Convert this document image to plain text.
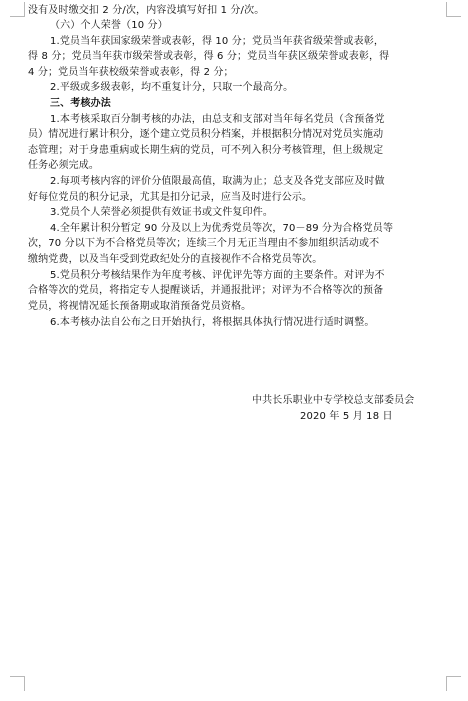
没有及时缴交扣 2 分/次，内容没填写好扣 1 分/次。
（六）个人荣誉（10 分）
1.党员当年获国家级荣誉或表彰，得 10 分；党员当年获省级荣誉或表彰，
得 8 分；党员当年获市级荣誉或表彰，得 6 分；党员当年获区级荣誉或表彰，得
4 分；党员当年获校级荣誉或表彰，得 2 分；
2.平级或多级表彰，均不重复计分，只取一个最高分。
三、考核办法
1.本考核采取百分制考核的办法，由总支和支部对当年每名党员（含预备党
员）情况进行累计积分，逐个建立党员积分档案，并根据积分情况对党员实施动
态管理；对于身患重病或长期生病的党员，可不列入积分考核管理，但上级规定
任务必须完成。
2.每项考核内容的评价分值限最高值，取满为止；总支及各党支部应及时做
好每位党员的积分记录，尤其是扣分记录，应当及时进行公示。
3.党员个人荣誉必须提供有效证书或文件复印件。
4.全年累计积分暂定 90 分及以上为优秀党员等次，70－89 分为合格党员等
次，70 分以下为不合格党员等次；连续三个月无正当理由不参加组织活动或不
缴纳党费，以及当年受到党政纪处分的直接视作不合格党员等次。
5.党员积分考核结果作为年度考核、评优评先等方面的主要条件。对评为不
合格等次的党员，将指定专人提醒谈话，并通报批评；对评为不合格等次的预备
党员，将视情况延长预备期或取消预备党员资格。
6.本考核办法自公布之日开始执行，将根据具体执行情况进行适时调整。
中共长乐职业中专学校总支部委员会
2020 年 5 月 18 日
